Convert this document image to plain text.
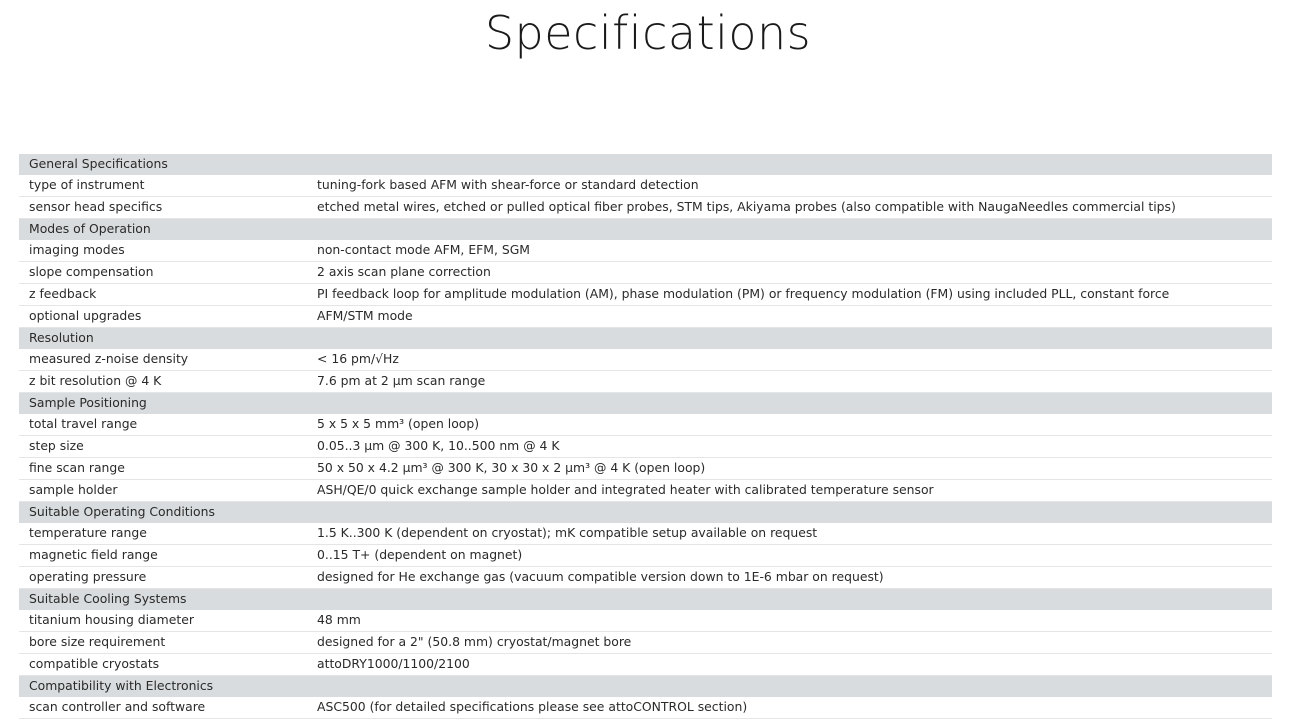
Specifications
General Specifications	
type of instrument	tuning-fork based AFM with shear-force or standard detection
sensor head specifics	etched metal wires, etched or pulled optical fiber probes, STM tips, Akiyama probes (also compatible with NaugaNeedles commercial tips)
Modes of Operation	
imaging modes	non-contact mode AFM, EFM, SGM
slope compensation	2 axis scan plane correction
z feedback	PI feedback loop for amplitude modulation (AM), phase modulation (PM) or frequency modulation (FM) using included PLL, constant force
optional upgrades	AFM/STM mode
Resolution	
measured z-noise density	< 16 pm/√Hz
z bit resolution @ 4 K	7.6 pm at 2 µm scan range
Sample Positioning	
total travel range	5 x 5 x 5 mm³ (open loop)
step size	0.05..3 µm @ 300 K, 10..500 nm @ 4 K
fine scan range	50 x 50 x 4.2 µm³ @ 300 K, 30 x 30 x 2 µm³ @ 4 K (open loop)
sample holder	ASH/QE/0 quick exchange sample holder and integrated heater with calibrated temperature sensor
Suitable Operating Conditions	
temperature range	1.5 K..300 K (dependent on cryostat); mK compatible setup available on request
magnetic field range	0..15 T+ (dependent on magnet)
operating pressure	designed for He exchange gas (vacuum compatible version down to 1E-6 mbar on request)
Suitable Cooling Systems	
titanium housing diameter	48 mm
bore size requirement	designed for a 2" (50.8 mm) cryostat/magnet bore
compatible cryostats	attoDRY1000/1100/2100
Compatibility with Electronics	
scan controller and software	ASC500 (for detailed specifications please see attoCONTROL section)
